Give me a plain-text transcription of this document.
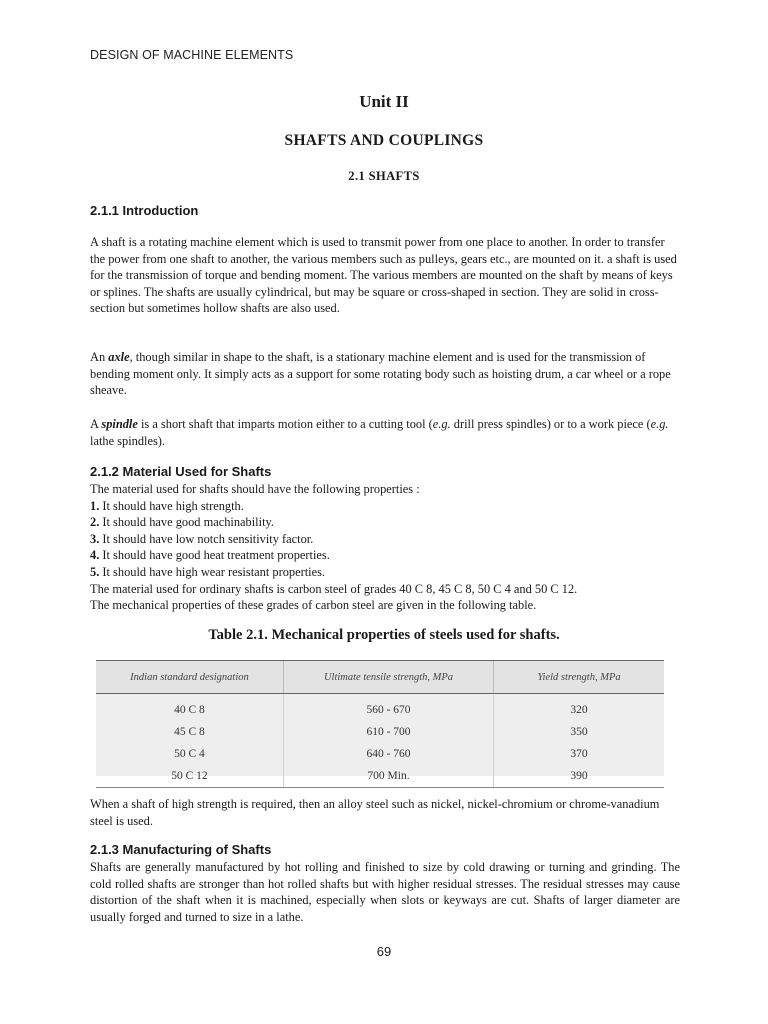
DESIGN OF MACHINE ELEMENTS
Unit II
SHAFTS AND COUPLINGS
2.1 SHAFTS
2.1.1 Introduction
A shaft is a rotating machine element which is used to transmit power from one place to another. In order to transfer the power from one shaft to another, the various members such as pulleys, gears etc., are mounted on it. a shaft is used for the transmission of torque and bending moment. The various members are mounted on the shaft by means of keys or splines. The shafts are usually cylindrical, but may be square or cross-shaped in section. They are solid in cross-section but sometimes hollow shafts are also used.
An axle, though similar in shape to the shaft, is a stationary machine element and is used for the transmission of bending moment only. It simply acts as a support for some rotating body such as hoisting drum, a car wheel or a rope sheave.
A spindle is a short shaft that imparts motion either to a cutting tool (e.g. drill press spindles) or to a work piece (e.g. lathe spindles).
2.1.2 Material Used for Shafts
The material used for shafts should have the following properties :
1. It should have high strength.
2. It should have good machinability.
3. It should have low notch sensitivity factor.
4. It should have good heat treatment properties.
5. It should have high wear resistant properties.
The material used for ordinary shafts is carbon steel of grades 40 C 8, 45 C 8, 50 C 4 and 50 C 12.
The mechanical properties of these grades of carbon steel are given in the following table.
Table 2.1. Mechanical properties of steels used for shafts.
Indian standard designation	Ultimate tensile strength, MPa	Yield strength, MPa
40 C 8	560 - 670	320
45 C 8	610 - 700	350
50 C 4	640 - 760	370
50 C 12	700 Min.	390
When a shaft of high strength is required, then an alloy steel such as nickel, nickel-chromium or chrome-vanadium steel is used.
2.1.3 Manufacturing of Shafts
Shafts are generally manufactured by hot rolling and finished to size by cold drawing or turning and grinding. The cold rolled shafts are stronger than hot rolled shafts but with higher residual stresses. The residual stresses may cause distortion of the shaft when it is machined, especially when slots or keyways are cut. Shafts of larger diameter are usually forged and turned to size in a lathe.
69
